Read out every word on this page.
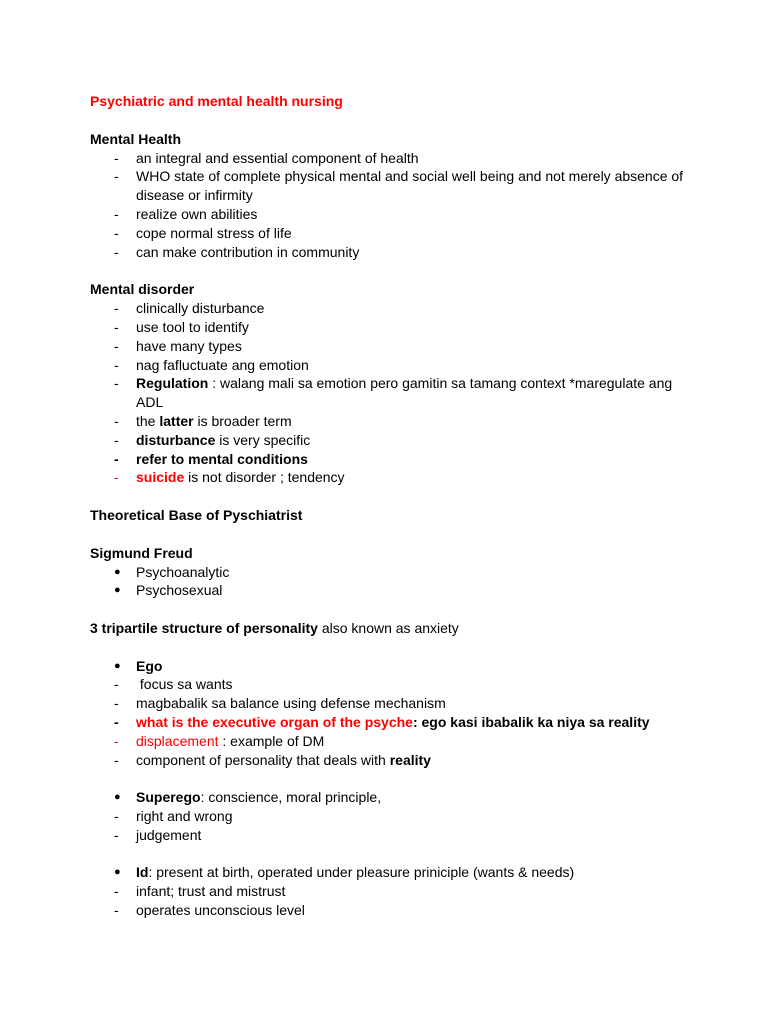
Psychiatric and mental health nursing
Mental Health
-	an integral and essential component of health
-	WHO state of complete physical mental and social well being and not merely absence of
disease or infirmity
-	realize own abilities
-	cope normal stress of life
-	can make contribution in community
Mental disorder
-	clinically disturbance
-	use tool to identify
-	have many types
-	nag fafluctuate ang emotion
-	Regulation : walang mali sa emotion pero gamitin sa tamang context *maregulate ang
ADL
-	the latter is broader term
-	disturbance is very specific
-	refer to mental conditions
-	suicide is not disorder ; tendency
Theoretical Base of Pyschiatrist
Sigmund Freud
●	Psychoanalytic
●	Psychosexual
3 tripartile structure of personality also known as anxiety
●	Ego
-	focus sa wants
-	magbabalik sa balance using defense mechanism
-	what is the executive organ of the psyche: ego kasi ibabalik ka niya sa reality
-	displacement : example of DM
-	component of personality that deals with reality
●	Superego: conscience, moral principle,
-	right and wrong
-	judgement
●	Id: present at birth, operated under pleasure priniciple (wants & needs)
-	infant; trust and mistrust
-	operates unconscious level
